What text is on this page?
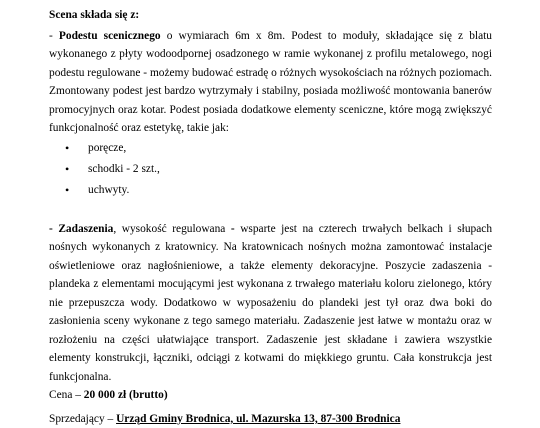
Scena składa się z:

- Podestu scenicznego o wymiarach 6m x 8m. Podest to moduły, składające się z blatu wykonanego z płyty wodoodpornej osadzonego w ramie wykonanej z profilu metalowego, nogi podestu regulowane - możemy budować estradę o różnych wysokościach na różnych poziomach. Zmontowany podest jest bardzo wytrzymały i stabilny, posiada możliwość montowania banerów promocyjnych oraz kotar. Podest posiada dodatkowe elementy sceniczne, które mogą zwiększyć funkcjonalność oraz estetykę, takie jak:

• poręcze,
• schodki - 2 szt.,
• uchwyty.

- Zadaszenia, wysokość regulowana - wsparte jest na czterech trwałych belkach i słupach nośnych wykonanych z kratownicy. Na kratownicach nośnych można zamontować instalacje oświetleniowe oraz nagłośnieniowe, a także elementy dekoracyjne. Poszycie zadaszenia - plandeka z elementami mocującymi jest wykonana z trwałego materiału koloru zielonego, który nie przepuszcza wody. Dodatkowo w wyposażeniu do plandeki jest tył oraz dwa boki do zasłonienia sceny wykonane z tego samego materiału. Zadaszenie jest łatwe w montażu oraz w rozłożeniu na części ułatwiające transport. Zadaszenie jest składane i zawiera wszystkie elementy konstrukcji, łączniki, odciągi z kotwami do miękkiego gruntu. Cała konstrukcja jest funkcjonalna.

Cena – 20 000 zł (brutto)

Sprzedający – Urząd Gminy Brodnica, ul. Mazurska 13, 87-300 Brodnica
